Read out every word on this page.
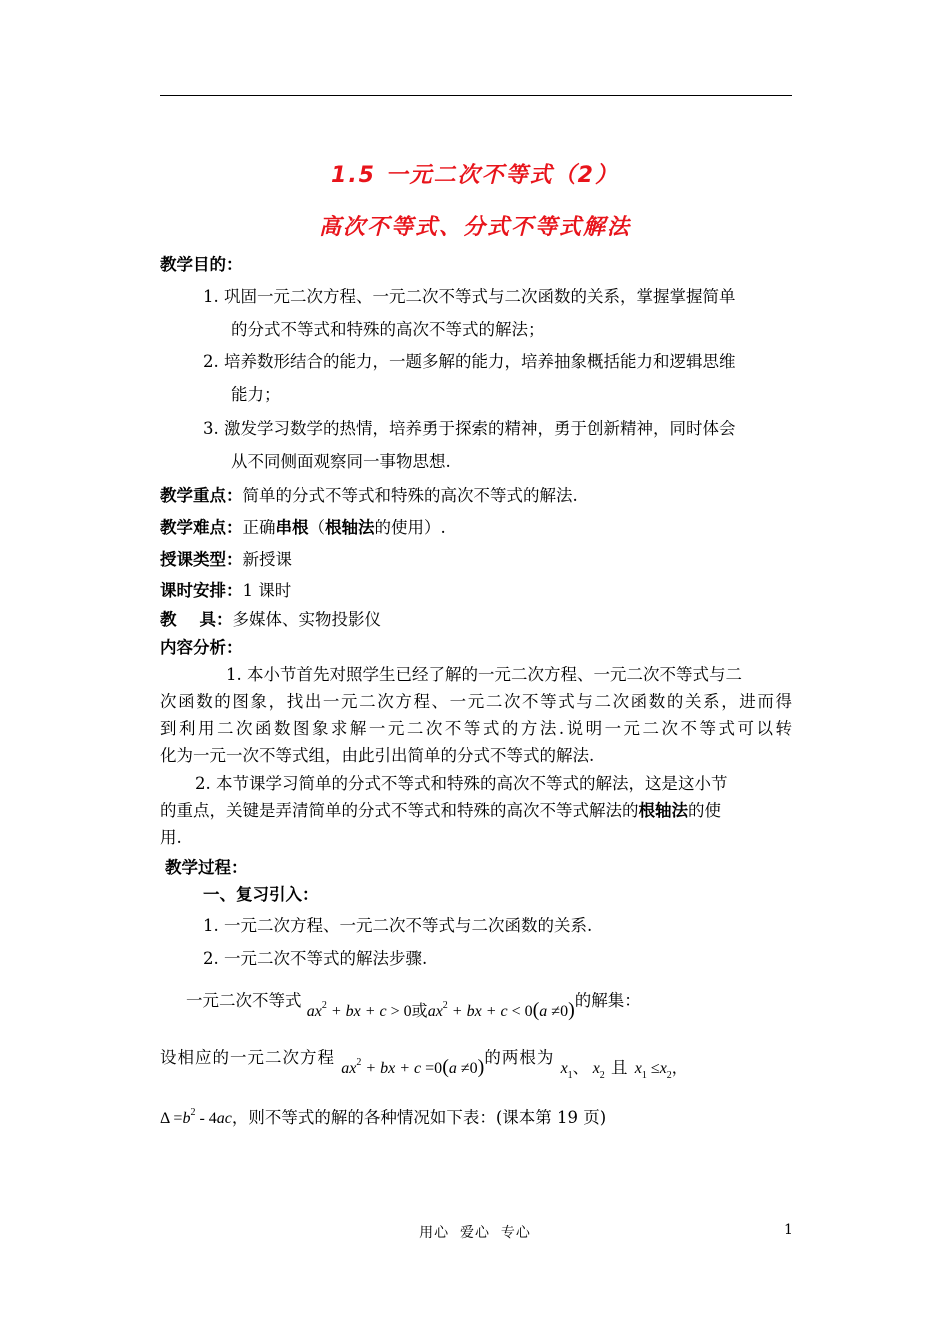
1.5 一元二次不等式（2）
高次不等式、分式不等式解法
教学目的：
1. 巩固一元二次方程、一元二次不等式与二次函数的关系，掌握掌握简单
的分式不等式和特殊的高次不等式的解法；
2. 培养数形结合的能力，一题多解的能力，培养抽象概括能力和逻辑思维
能力；
3. 激发学习数学的热情，培养勇于探索的精神，勇于创新精神，同时体会
从不同侧面观察同一事物思想.
教学重点：简单的分式不等式和特殊的高次不等式的解法.
教学难点：正确串根（根轴法的使用）.
授课类型：新授课
课时安排：1 课时
教    具：多媒体、实物投影仪
内容分析：
1. 本小节首先对照学生已经了解的一元二次方程、一元二次不等式与二
次函数的图象，找出一元二次方程、一元二次不等式与二次函数的关系，进而得
到利用二次函数图象求解一元二次不等式的方法.说明一元二次不等式可以转
化为一元一次不等式组，由此引出简单的分式不等式的解法.
2. 本节课学习简单的分式不等式和特殊的高次不等式的解法，这是这小节
的重点，关键是弄清简单的分式不等式和特殊的高次不等式解法的根轴法的使
用.
教学过程：
一、复习引入：
1. 一元二次方程、一元二次不等式与二次函数的关系.
2. 一元二次不等式的解法步骤.
一元二次不等式 $ax^2$ + bx + c > 0或$ax^2$ + bx + c < 0(a ≠0)的解集：
设相应的一元二次方程 $ax^2$ + bx + c =0(a ≠0)的两根为 $x_1$、 $x_2$ 且 $x_1 \le x_2$，
$\Delta =b^2 - 4ac$，则不等式的解的各种情况如下表：(课本第 19 页)
用心  爱心  专心	1
